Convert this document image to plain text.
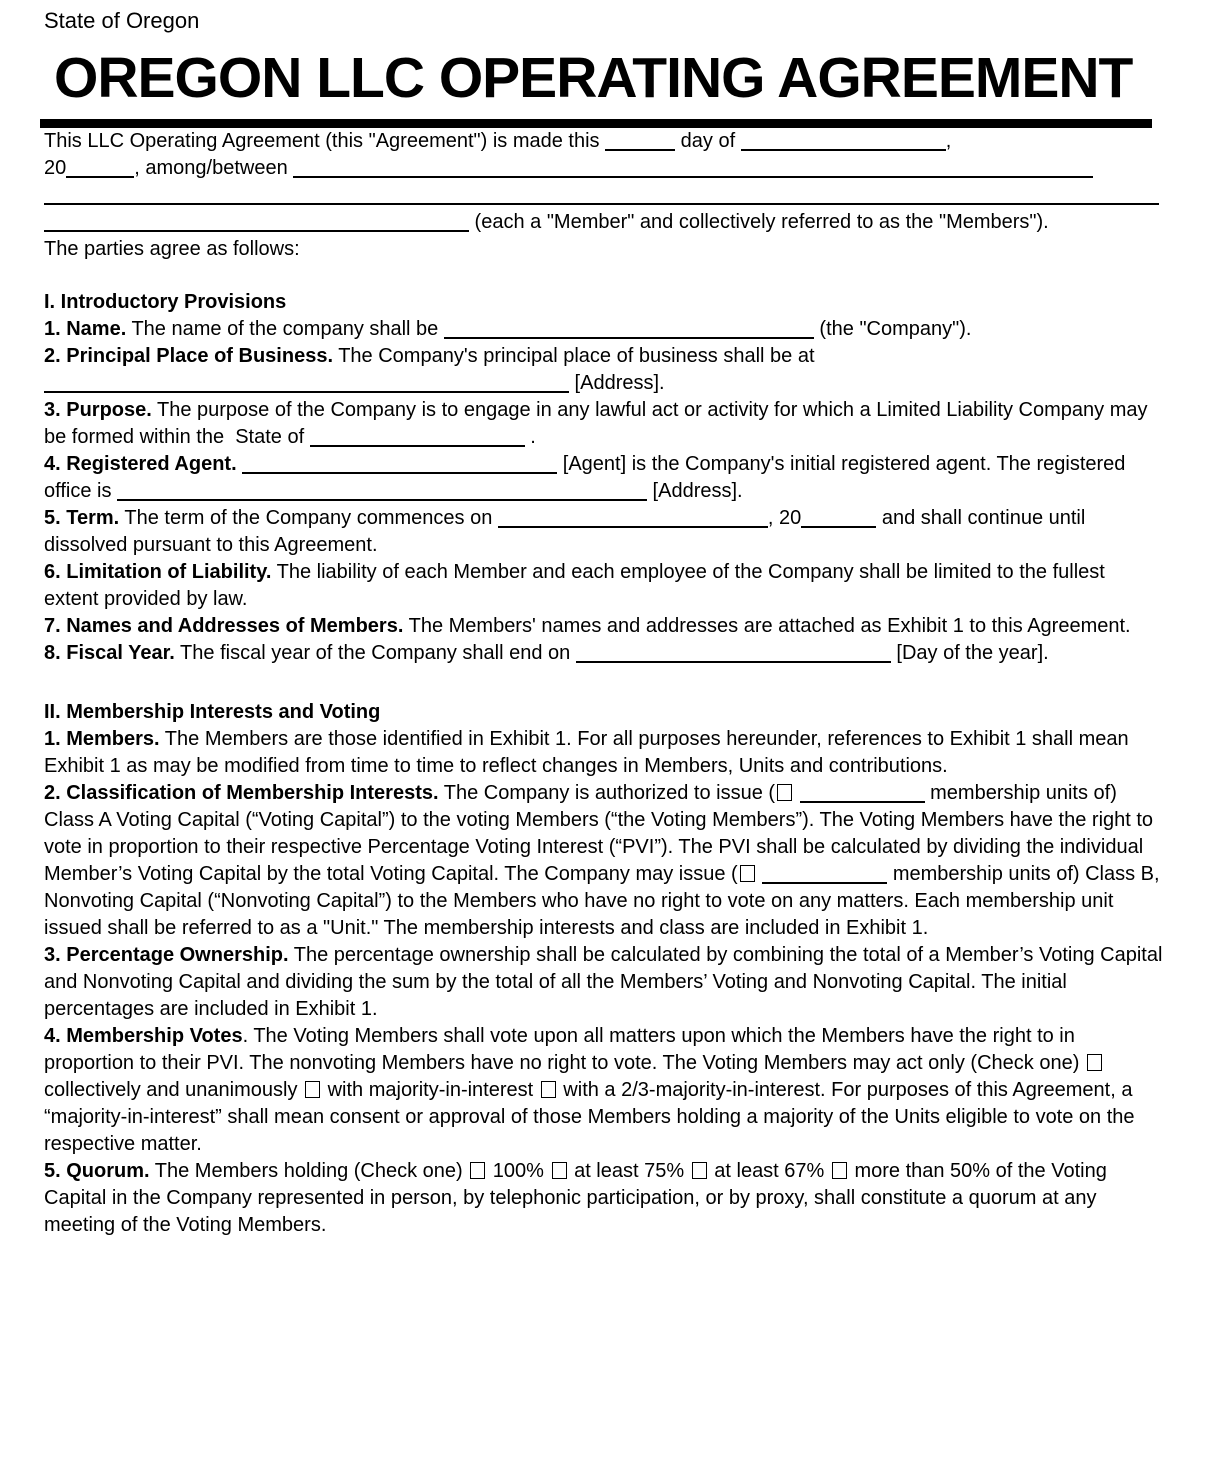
State of Oregon

OREGON LLC OPERATING AGREEMENT

This LLC Operating Agreement (this "Agreement") is made this	day of	,
20	, among/between  (each a "Member" and collectively referred to as the "Members").

The parties agree as follows:

I. Introductory Provisions

1. Name. The name of the company shall be	(the "Company").

2. Principal Place of Business. The Company's principal place of business shall be at  [Address].

3. Purpose. The purpose of the Company is to engage in any lawful act or activity for which a Limited Liability Company may be formed within the  State of	.

4. Registered Agent.	[Agent] is the Company's initial registered agent. The registered office is	[Address].

5. Term. The term of the Company commences on	, 20	and shall continue until dissolved pursuant to this Agreement.

6. Limitation of Liability. The liability of each Member and each employee of the Company shall be limited to the fullest extent provided by law.

7. Names and Addresses of Members. The Members' names and addresses are attached as Exhibit 1 to this Agreement.

8. Fiscal Year. The fiscal year of the Company shall end on	[Day of the year].

II. Membership Interests and Voting

1. Members. The Members are those identified in Exhibit 1. For all purposes hereunder, references to Exhibit 1 shall mean Exhibit 1 as may be modified from time to time to reflect changes in Members, Units and contributions.

2. Classification of Membership Interests. The Company is authorized to issue (	membership units of) Class A Voting Capital (“Voting Capital”) to the voting Members (“the Voting Members”). The Voting Members have the right to vote in proportion to their respective Percentage Voting Interest (“PVI”). The PVI shall be calculated by dividing the individual Member’s Voting Capital by the total Voting Capital. The Company may issue (	membership units of) Class B, Nonvoting Capital (“Nonvoting Capital”) to the Members who have no right to vote on any matters. Each membership unit issued shall be referred to as a "Unit." The membership interests and class are included in Exhibit 1.

3. Percentage Ownership. The percentage ownership shall be calculated by combining the total of a Member’s Voting Capital and Nonvoting Capital and dividing the sum by the total of all the Members’ Voting and Nonvoting Capital. The initial percentages are included in Exhibit 1.

4. Membership Votes. The Voting Members shall vote upon all matters upon which the Members have the right to in proportion to their PVI. The nonvoting Members have no right to vote. The Voting Members may act only (Check one)  collectively and unanimously  with majority-in-interest  with a 2/3-majority-in-interest. For purposes of this Agreement, a “majority-in-interest” shall mean consent or approval of those Members holding a majority of the Units eligible to vote on the respective matter.

5. Quorum. The Members holding (Check one)  100%  at least 75%  at least 67%  more than 50% of the Voting Capital in the Company represented in person, by telephonic participation, or by proxy, shall constitute a quorum at any meeting of the Voting Members.
